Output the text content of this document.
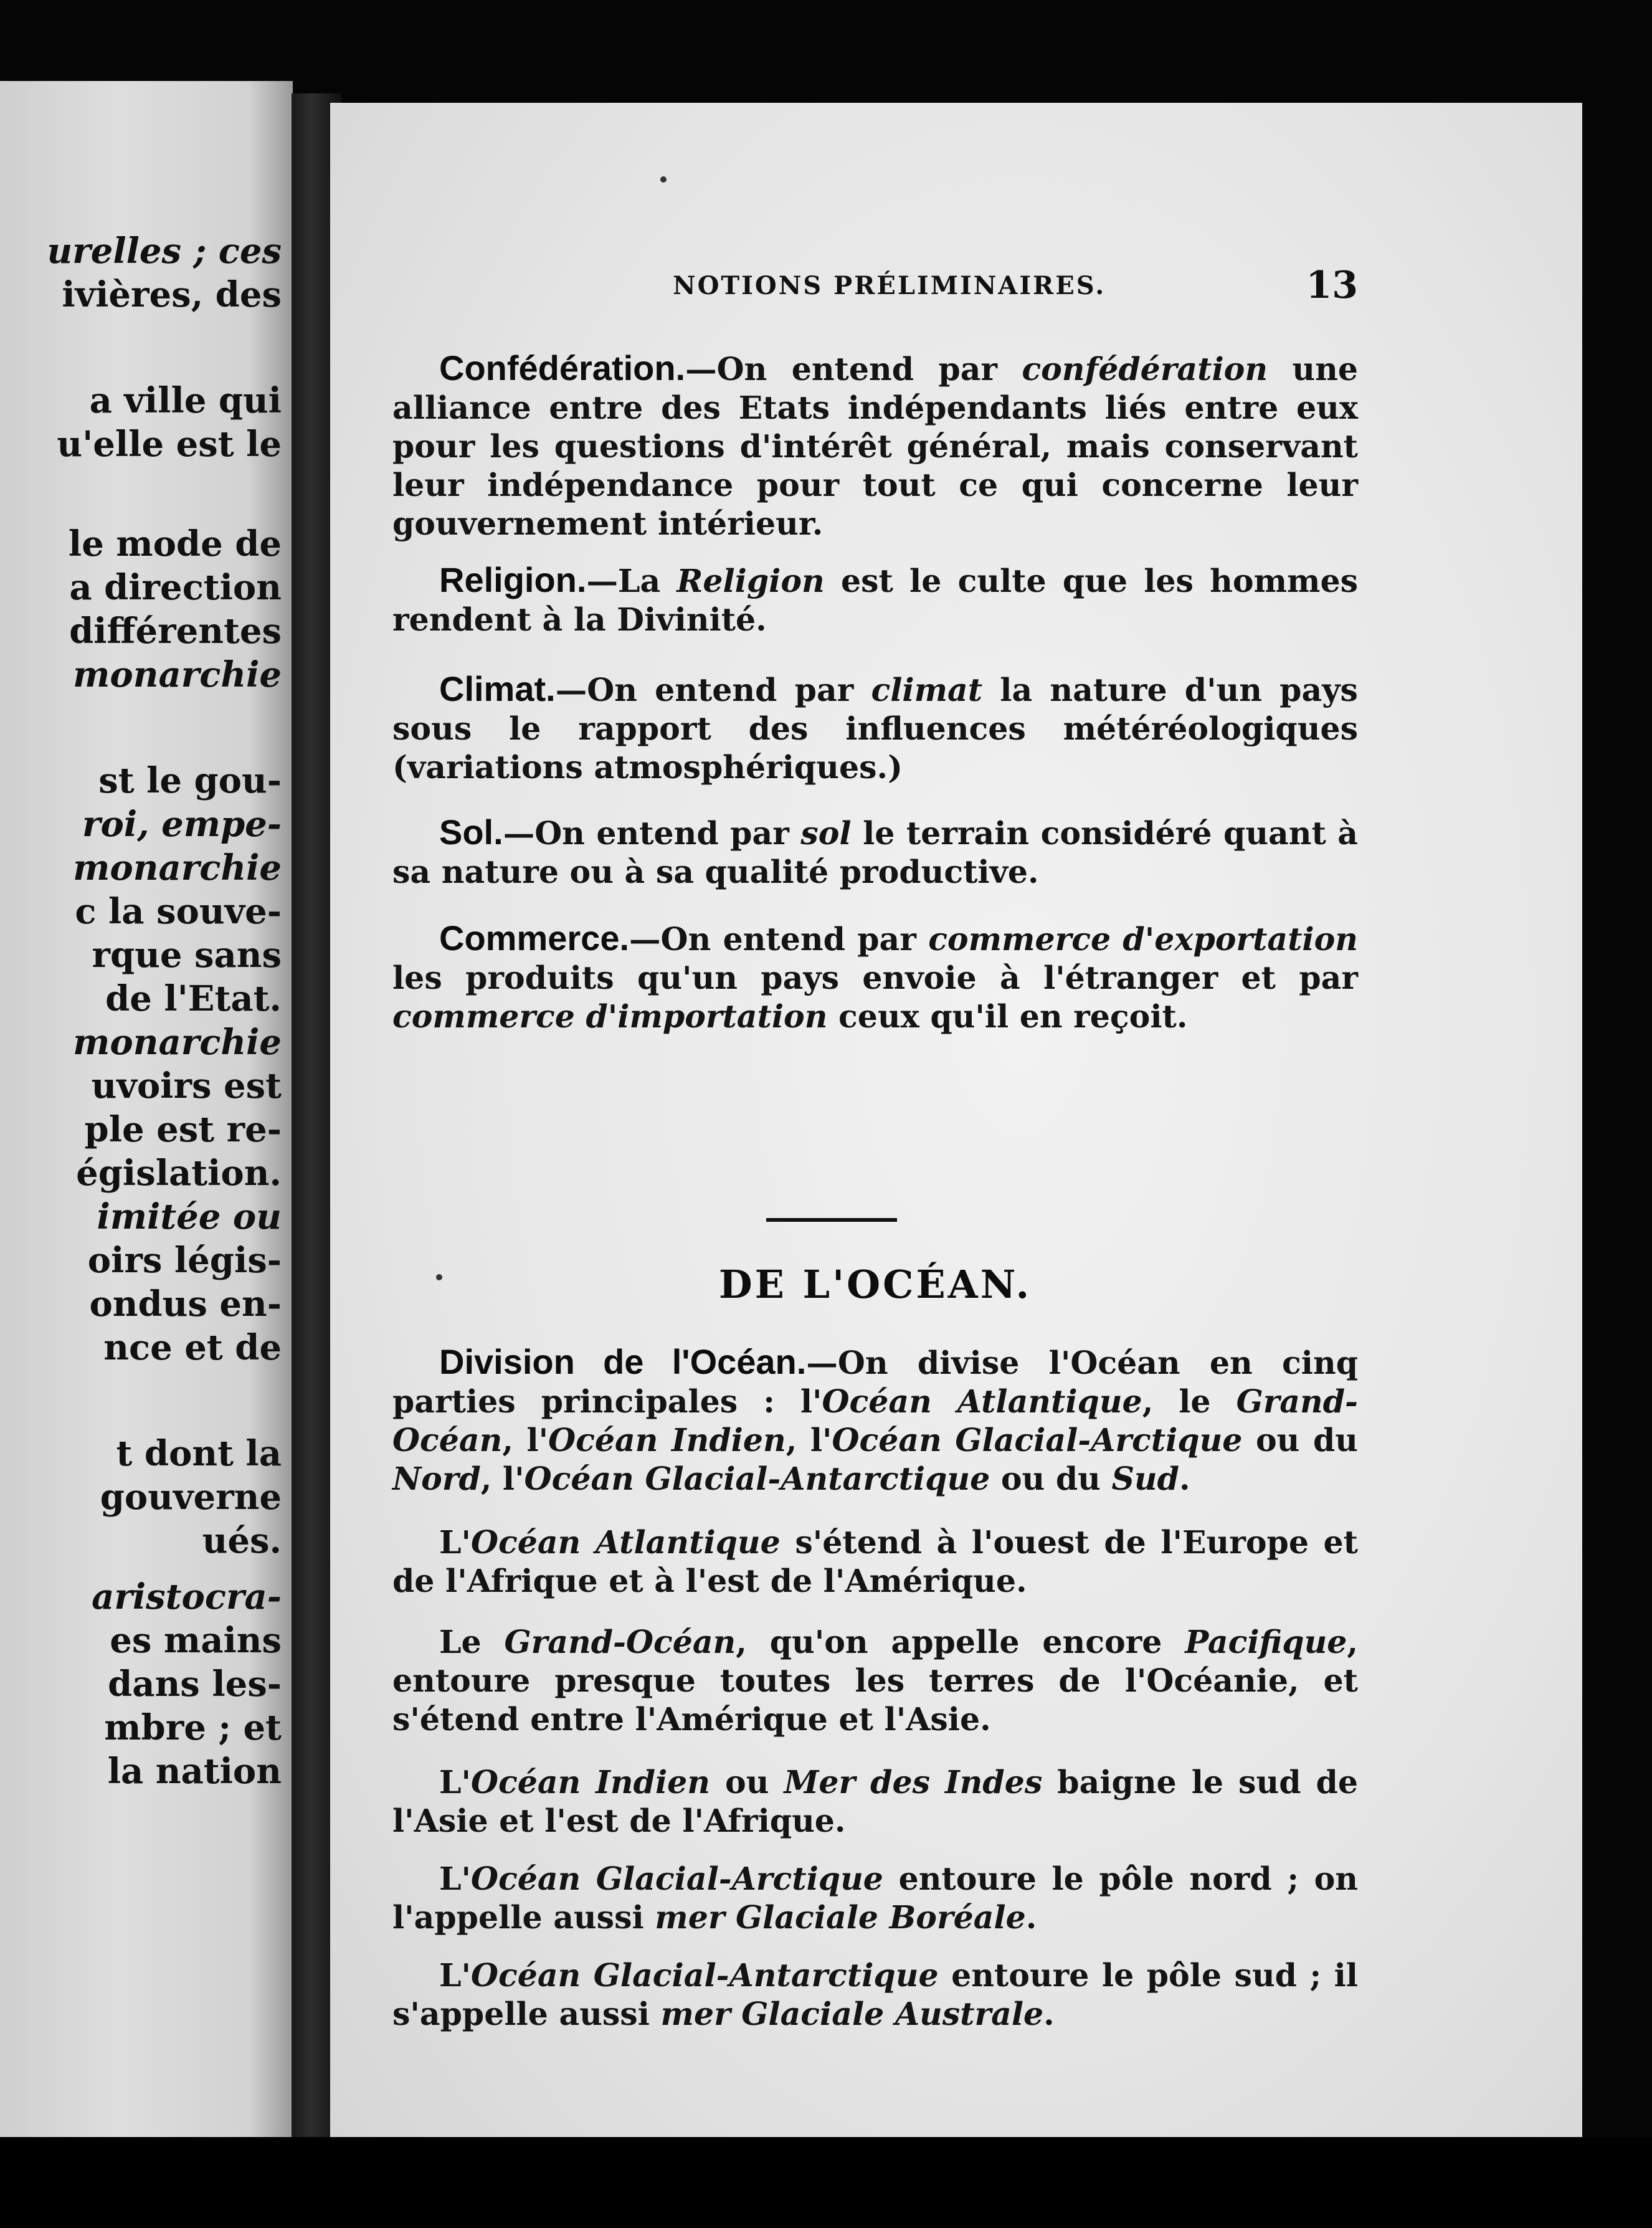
urelles ; ces
ivières, des
a ville qui
u'elle est le
le mode de
a direction
différentes
monarchie
st le gou-
roi, empe-
monarchie
c la souve-
rque sans
de l'Etat.
monarchie
uvoirs est
ple est re-
égislation.
imitée ou
oirs légis-
ondus en-
nce et de
t dont la
gouverne
ués.
aristocra-
es mains
dans les-
mbre ; et
la nation
NOTIONS PRÉLIMINAIRES.	13

Confédération.—On entend par confédération une alliance entre des Etats indépendants liés entre eux pour les questions d'intérêt général, mais conservant leur indépendance pour tout ce qui concerne leur gouvernement intérieur.

Religion.—La Religion est le culte que les hommes rendent à la Divinité.

Climat.—On entend par climat la nature d'un pays sous le rapport des influences météréologiques (variations atmosphériques.)

Sol.—On entend par sol le terrain considéré quant à sa nature ou à sa qualité productive.

Commerce.—On entend par commerce d'exportation les produits qu'un pays envoie à l'étranger et par commerce d'importation ceux qu'il en reçoit.

DE L'OCÉAN.

Division de l'Océan.—On divise l'Océan en cinq parties principales : l'Océan Atlantique, le Grand-Océan, l'Océan Indien, l'Océan Glacial-Arctique ou du Nord, l'Océan Glacial-Antarctique ou du Sud.

L'Océan Atlantique s'étend à l'ouest de l'Europe et de l'Afrique et à l'est de l'Amérique.

Le Grand-Océan, qu'on appelle encore Pacifique, entoure presque toutes les terres de l'Océanie, et s'étend entre l'Amérique et l'Asie.

L'Océan Indien ou Mer des Indes baigne le sud de l'Asie et l'est de l'Afrique.

L'Océan Glacial-Arctique entoure le pôle nord ; on l'appelle aussi mer Glaciale Boréale.

L'Océan Glacial-Antarctique entoure le pôle sud ; il s'appelle aussi mer Glaciale Australe.
